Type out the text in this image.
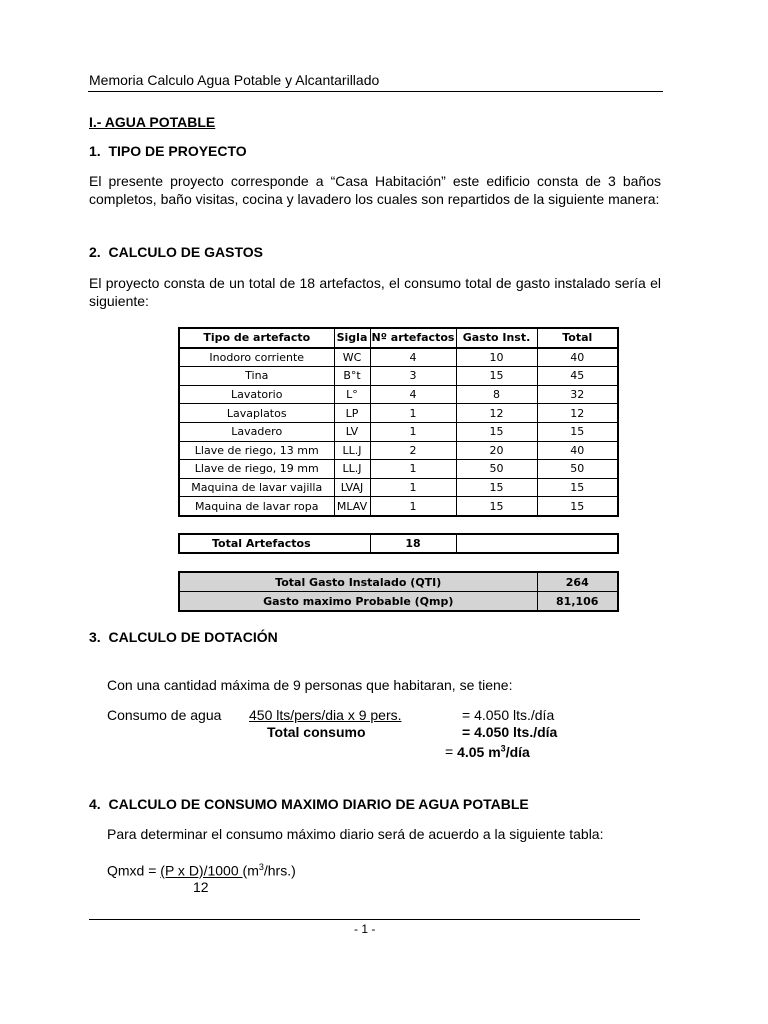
Memoria Calculo Agua Potable y Alcantarillado
I.- AGUA POTABLE
1. TIPO DE PROYECTO
El presente proyecto corresponde a “Casa Habitación” este edificio consta de 3 baños completos, baño visitas, cocina y lavadero los cuales son repartidos de la siguiente manera:
2. CALCULO DE GASTOS
El proyecto consta de un total de 18 artefactos, el consumo total de gasto instalado sería el siguiente:
Tipo de artefacto	Sigla	Nº artefactos	Gasto Inst.	Total
Inodoro corriente	WC	4	10	40
Tina	B°t	3	15	45
Lavatorio	L°	4	8	32
Lavaplatos	LP	1	12	12
Lavadero	LV	1	15	15
Llave de riego, 13 mm	LL.J	2	20	40
Llave de riego, 19 mm	LL.J	1	50	50
Maquina de lavar vajilla	LVAJ	1	15	15
Maquina de lavar ropa	MLAV	1	15	15
Total Artefactos	18	
Total Gasto Instalado (QTI)	264
Gasto maximo Probable (Qmp)	81,106
3. CALCULO DE DOTACIÓN
Con una cantidad máxima de 9 personas que habitaran, se tiene:
Consumo de agua 450 lts/pers/dia x 9 pers.	= 4.050 lts./día
Total consumo	= 4.050 lts./día
= 4.05 $m^3$/día
4. CALCULO DE CONSUMO MAXIMO DIARIO DE AGUA POTABLE
Para determinar el consumo máximo diario será de acuerdo a la siguiente tabla:
Qmxd = (P x D)/1000 $(m^3/hrs.)$
12
- 1 -
